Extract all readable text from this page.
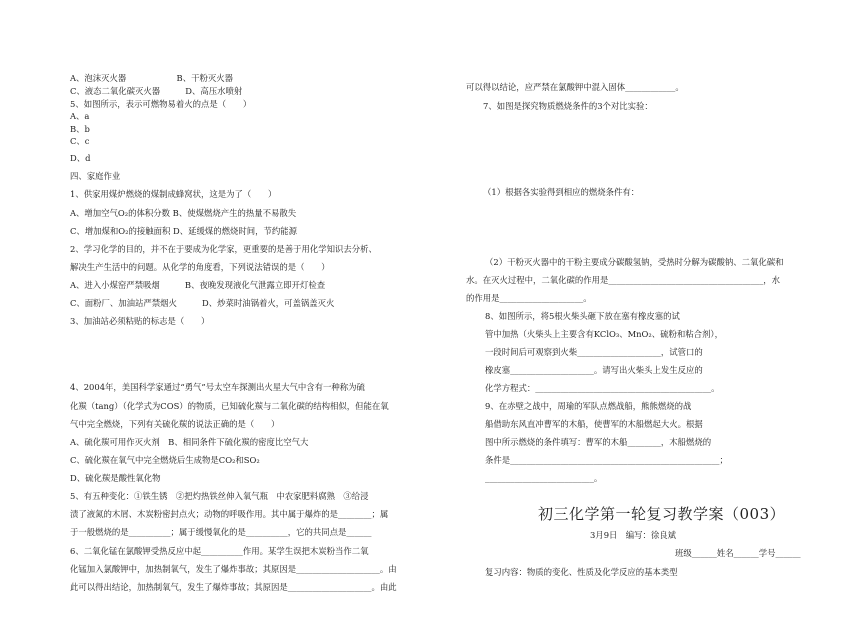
A、泡沫灭火器　　　　　　B、干粉灭火器
C、液态二氧化碳灭火器　　　D、高压水喷射
5、如图所示，表示可燃物易着火的点是（　　）
A、a
B、b
C、c
D、d
四、家庭作业
1、供家用煤炉燃烧的煤制成蜂窝状，这是为了（　　）
A、增加空气O₂的体积分数 B、使煤燃烧产生的热量不易散失
C、增加煤和O₂的接触面积 D、延缓煤的燃烧时间，节约能源
2、学习化学的目的，并不在于要成为化学家，更重要的是善于用化学知识去分析、
解决生产生活中的问题。从化学的角度看，下列说法错误的是（　　）
A、进入小煤窑严禁吸烟　　　B、夜晚发现液化气泄露立即开灯检查
C、面粉厂、加油站严禁烟火　　　D、炒菜时油锅着火，可盖锅盖灭火
3、加油站必须粘贴的标志是（　　）
4、2004年，美国科学家通过“勇气”号太空车探测出火星大气中含有一种称为硫
化羰（tang）（化学式为COS）的物质，已知硫化羰与二氧化碳的结构相似，但能在氧
气中完全燃烧，下列有关硫化羰的说法正确的是（　　）
A、硫化羰可用作灭火剂　B、相同条件下硫化羰的密度比空气大
C、硫化羰在氧气中完全燃烧后生成物是CO₂和SO₂
D、硫化羰是酸性氧化物
5、有五种变化：①铁生锈　②把灼热铁丝伸入氧气瓶　中农家肥料腐熟　③给浸
渍了液氮的木屑、木炭粉密封点火；动物的呼吸作用。其中属于爆炸的是________；属
于一般燃烧的是__________；属于缓慢氧化的是__________，它的共同点是______
6、二氧化锰在氯酸钾受热反应中起__________作用。某学生误把木炭粉当作二氧
化锰加入氯酸钾中，加热制氧气，发生了爆炸事故；其原因是____________________。由
此可以得出结论，加热制氧气，发生了爆炸事故；其原因是____________________。由此
可以得以结论，应严禁在氯酸钾中混入固体____________。
7、如图是探究物质燃烧条件的3个对比实验：
（1）根据各实验得到相应的燃烧条件有：
（2）干粉灭火器中的干粉主要成分碳酸氢钠，受热时分解为碳酸钠、二氧化碳和
水。在灭火过程中，二氧化碳的作用是_____________________________________，水
的作用是____________________。
8、如图所示，将5根火柴头砸下放在塞有橡皮塞的试
管中加热（火柴头上主要含有KClO₃、MnO₂、硫粉和粘合剂），
一段时间后可观察到火柴____________________，试管口的
橡皮塞____________________。请写出火柴头上发生反应的
化学方程式：__________________________________________。
9、在赤壁之战中，周瑜的军队点燃战船，熊熊燃烧的战
船借助东风直冲曹军的木船，使曹军的木船燃起大火。根据
图中所示燃烧的条件填写：曹军的木船________，木船燃烧的
条件是__________________________________________________；
__________________________。
初三化学第一轮复习教学案（003）
3月9日　编写：徐良斌
班级______姓名______学号______
复习内容：物质的变化、性质及化学反应的基本类型
